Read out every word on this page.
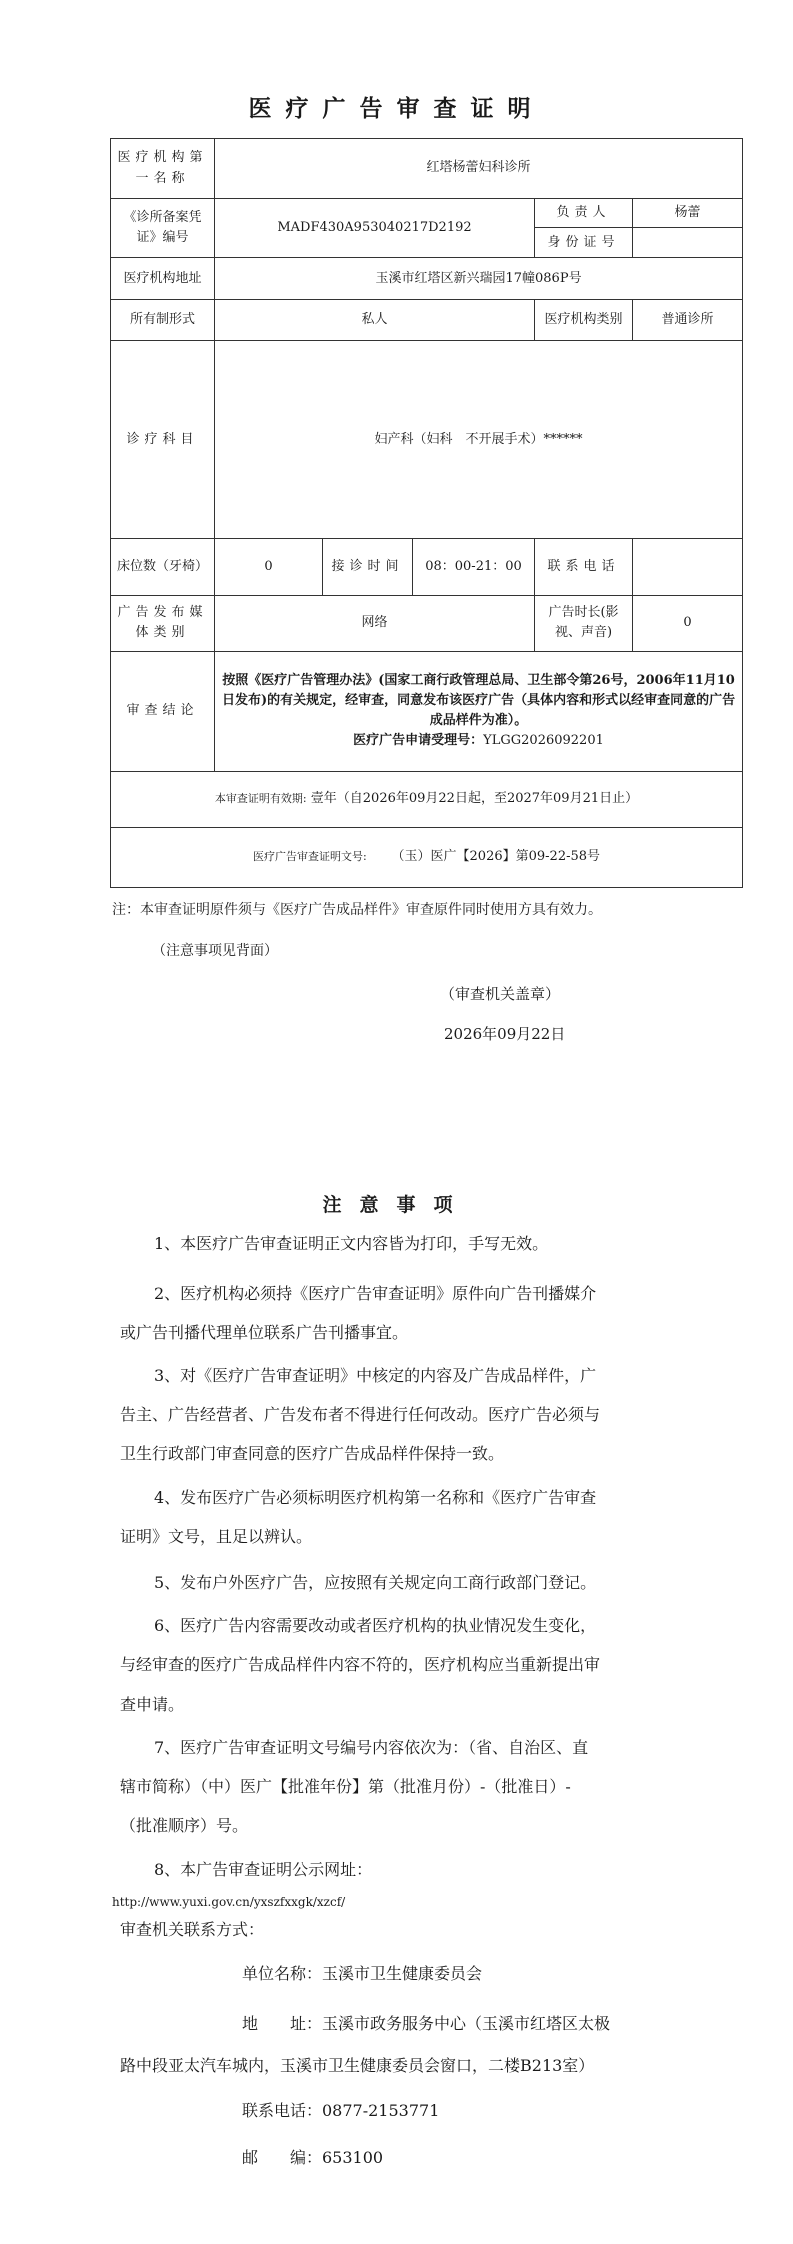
医疗广告审查证明
医疗机构第一名称	红塔杨蕾妇科诊所				
《诊所备案凭证》编号	MADF430A953040217D2192			负责人	杨蕾
				身份证号	
医疗机构地址	玉溪市红塔区新兴瑞园17幢086P号				
所有制形式	私人			医疗机构类别	普通诊所
诊疗科目	妇产科（妇科　不开展手术）******				
床位数（牙椅）	0	接诊时间	08：00-21：00	联系电话	
广告发布媒体类别	网络			广告时长(影视、声音)	0
审查结论	按照《医疗广告管理办法》(国家工商行政管理总局、卫生部令第26号，2006年11月10日发布)的有关规定，经审查，同意发布该医疗广告（具体内容和形式以经审查同意的广告成品样件为准）。
医疗广告申请受理号：YLGG2026092201				
本审查证明有效期: 壹年（自2026年09月22日起，至2027年09月21日止）					
医疗广告审查证明文号: （玉）医广【2026】第09-22-58号					
注：本审查证明原件须与《医疗广告成品样件》审查原件同时使用方具有效力。
（注意事项见背面）
（审查机关盖章）
2026年09月22日
注意事项
1、本医疗广告审查证明正文内容皆为打印，手写无效。
2、医疗机构必须持《医疗广告审查证明》原件向广告刊播媒介
或广告刊播代理单位联系广告刊播事宜。
3、对《医疗广告审查证明》中核定的内容及广告成品样件，广
告主、广告经营者、广告发布者不得进行任何改动。医疗广告必须与
卫生行政部门审查同意的医疗广告成品样件保持一致。
4、发布医疗广告必须标明医疗机构第一名称和《医疗广告审查
证明》文号，且足以辨认。
5、发布户外医疗广告，应按照有关规定向工商行政部门登记。
6、医疗广告内容需要改动或者医疗机构的执业情况发生变化，
与经审查的医疗广告成品样件内容不符的，医疗机构应当重新提出审
查申请。
7、医疗广告审查证明文号编号内容依次为：（省、自治区、直
辖市简称）（中）医广【批准年份】第（批准月份）-（批准日）-
（批准顺序）号。
8、本广告审查证明公示网址：
http://www.yuxi.gov.cn/yxszfxxgk/xzcf/
审查机关联系方式：
单位名称：玉溪市卫生健康委员会
地　　址：玉溪市政务服务中心（玉溪市红塔区太极
路中段亚太汽车城内，玉溪市卫生健康委员会窗口，二楼B213室）
联系电话：0877-2153771
邮　　编：653100
